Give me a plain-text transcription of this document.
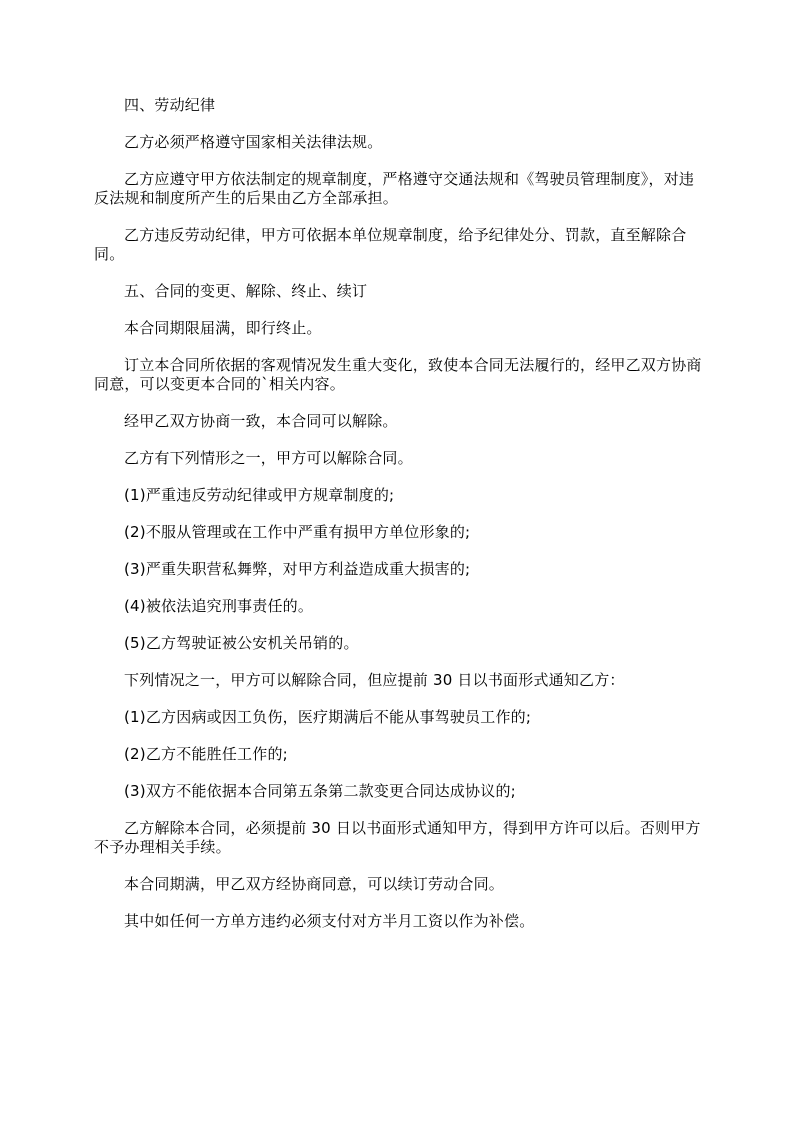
四、劳动纪律

乙方必须严格遵守国家相关法律法规。

乙方应遵守甲方依法制定的规章制度，严格遵守交通法规和《驾驶员管理制度》，对违反法规和制度所产生的后果由乙方全部承担。

乙方违反劳动纪律，甲方可依据本单位规章制度，给予纪律处分、罚款，直至解除合同。

五、合同的变更、解除、终止、续订

本合同期限届满，即行终止。

订立本合同所依据的客观情况发生重大变化，致使本合同无法履行的，经甲乙双方协商同意，可以变更本合同的`相关内容。

经甲乙双方协商一致，本合同可以解除。

乙方有下列情形之一，甲方可以解除合同。

(1)严重违反劳动纪律或甲方规章制度的;

(2)不服从管理或在工作中严重有损甲方单位形象的;

(3)严重失职营私舞弊，对甲方利益造成重大损害的;

(4)被依法追究刑事责任的。

(5)乙方驾驶证被公安机关吊销的。

下列情况之一，甲方可以解除合同，但应提前 30 日以书面形式通知乙方：

(1)乙方因病或因工负伤，医疗期满后不能从事驾驶员工作的;

(2)乙方不能胜任工作的;

(3)双方不能依据本合同第五条第二款变更合同达成协议的;

乙方解除本合同，必须提前 30 日以书面形式通知甲方，得到甲方许可以后。否则甲方不予办理相关手续。

本合同期满，甲乙双方经协商同意，可以续订劳动合同。

其中如任何一方单方违约必须支付对方半月工资以作为补偿。
